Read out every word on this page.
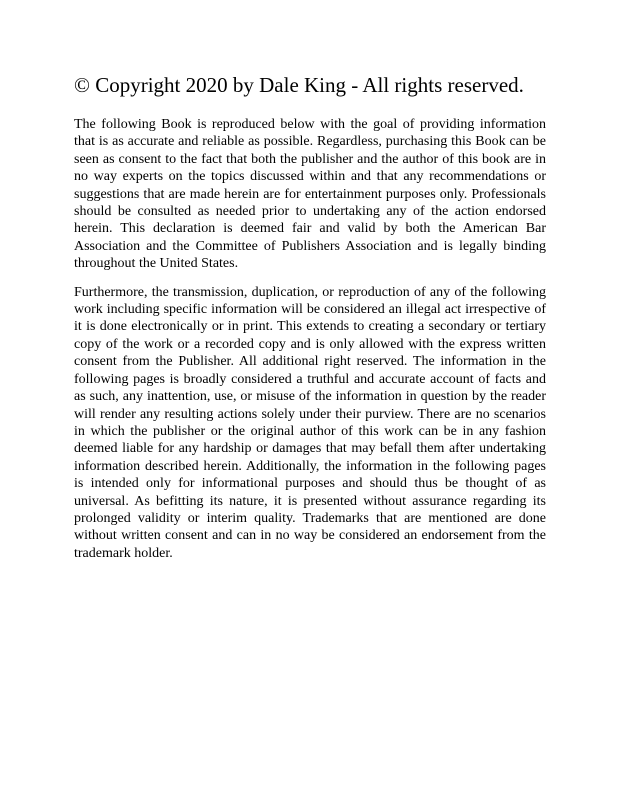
© Copyright 2020 by Dale King - All rights reserved.

The following Book is reproduced below with the goal of providing information that is as accurate and reliable as possible. Regardless, purchasing this Book can be seen as consent to the fact that both the publisher and the author of this book are in no way experts on the topics discussed within and that any recommendations or suggestions that are made herein are for entertainment purposes only. Professionals should be consulted as needed prior to undertaking any of the action endorsed herein. This declaration is deemed fair and valid by both the American Bar Association and the Committee of Publishers Association and is legally binding throughout the United States.

Furthermore, the transmission, duplication, or reproduction of any of the following work including specific information will be considered an illegal act irrespective of it is done electronically or in print. This extends to creating a secondary or tertiary copy of the work or a recorded copy and is only allowed with the express written consent from the Publisher. All additional right reserved. The information in the following pages is broadly considered a truthful and accurate account of facts and as such, any inattention, use, or misuse of the information in question by the reader will render any resulting actions solely under their purview. There are no scenarios in which the publisher or the original author of this work can be in any fashion deemed liable for any hardship or damages that may befall them after undertaking information described herein. Additionally, the information in the following pages is intended only for informational purposes and should thus be thought of as universal. As befitting its nature, it is presented without assurance regarding its prolonged validity or interim quality. Trademarks that are mentioned are done without written consent and can in no way be considered an endorsement from the trademark holder.
